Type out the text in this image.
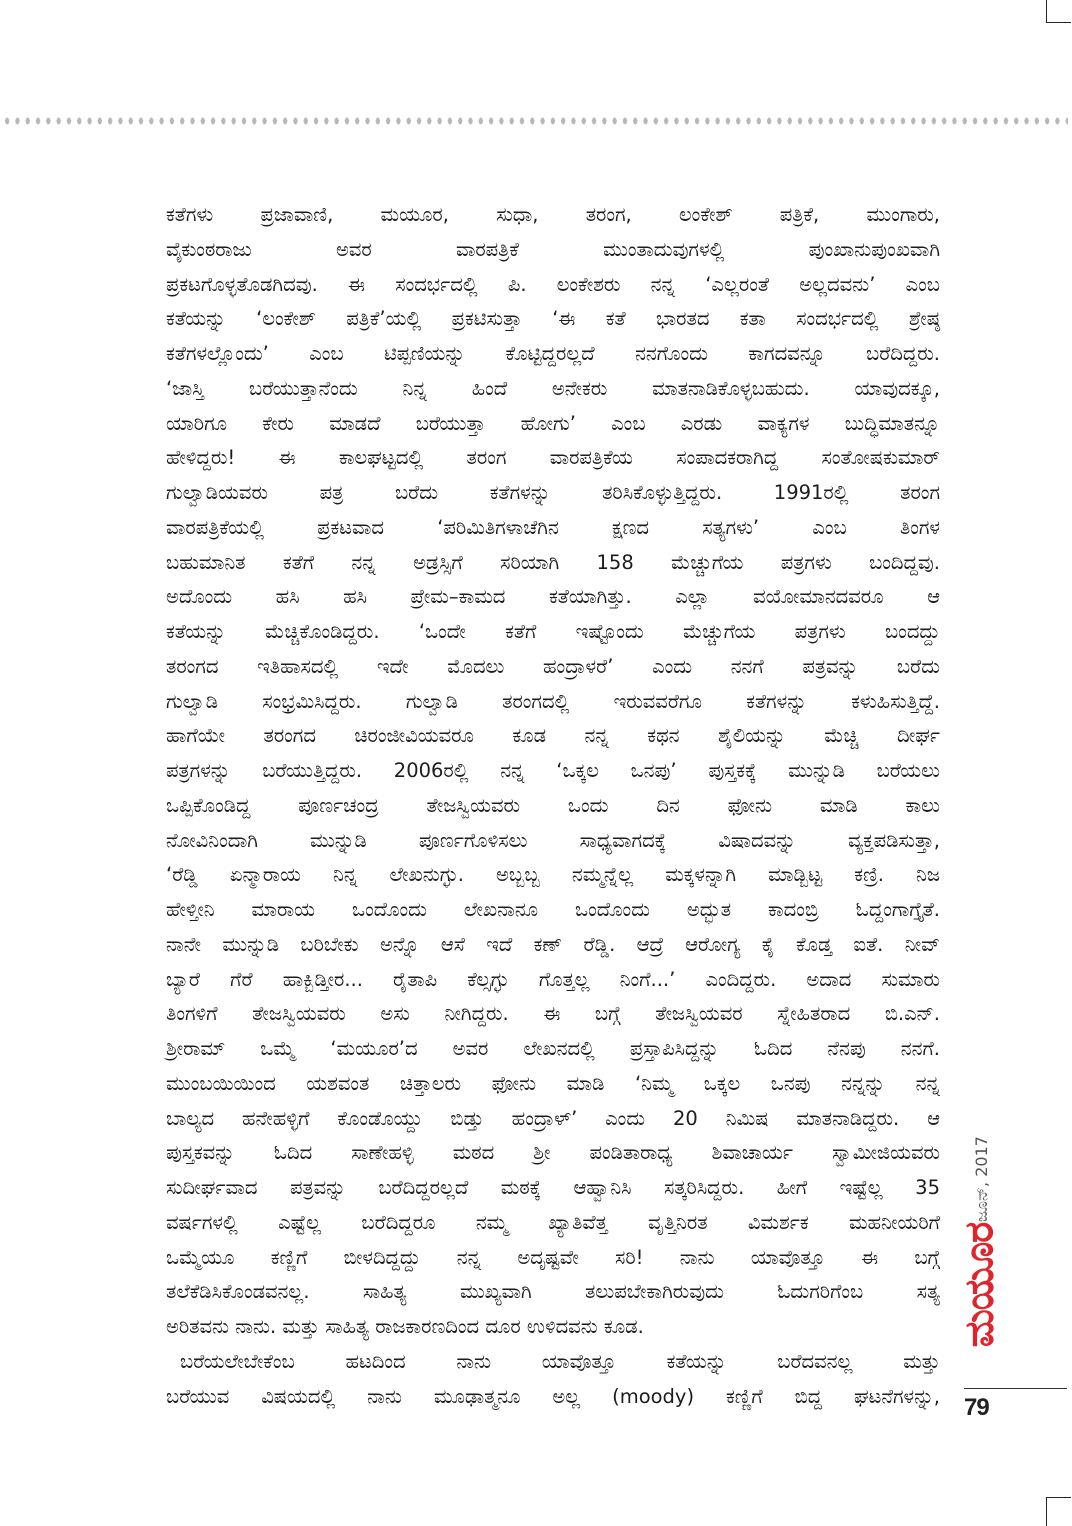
ಕತೆಗಳು ಪ್ರಜಾವಾಣಿ, ಮಯೂರ, ಸುಧಾ, ತರಂಗ, ಲಂಕೇಶ್ ಪತ್ರಿಕೆ, ಮುಂಗಾರು,
ವೈಕುಂಠರಾಜು ಅವರ ವಾರಪತ್ರಿಕೆ ಮುಂತಾದುವುಗಳಲ್ಲಿ ಪುಂಖಾನುಪುಂಖವಾಗಿ
ಪ್ರಕಟಗೊಳ್ಳತೊಡಗಿದವು. ಈ ಸಂದರ್ಭದಲ್ಲಿ ಪಿ. ಲಂಕೇಶರು ನನ್ನ ‘ಎಲ್ಲರಂತೆ ಅಲ್ಲದವನು’ ಎಂಬ
ಕತೆಯನ್ನು ‘ಲಂಕೇಶ್ ಪತ್ರಿಕೆ’ಯಲ್ಲಿ ಪ್ರಕಟಿಸುತ್ತಾ ‘ಈ ಕತೆ ಭಾರತದ ಕತಾ ಸಂದರ್ಭದಲ್ಲಿ ಶ್ರೇಷ್ಠ
ಕತೆಗಳಲ್ಲೊಂದು’ ಎಂಬ ಟಿಪ್ಪಣಿಯನ್ನು ಕೊಟ್ಟಿದ್ದರಲ್ಲದೆ ನನಗೊಂದು ಕಾಗದವನ್ನೂ ಬರೆದಿದ್ದರು.
‘ಜಾಸ್ತಿ ಬರೆಯುತ್ತಾನೆಂದು ನಿನ್ನ ಹಿಂದೆ ಅನೇಕರು ಮಾತನಾಡಿಕೊಳ್ಳಬಹುದು. ಯಾವುದಕ್ಕೂ,
ಯಾರಿಗೂ ಕೇರು ಮಾಡದೆ ಬರೆಯುತ್ತಾ ಹೋಗು’ ಎಂಬ ಎರಡು ವಾಕ್ಯಗಳ ಬುದ್ಧಿಮಾತನ್ನೂ
ಹೇಳಿದ್ದರು! ಈ ಕಾಲಘಟ್ಟದಲ್ಲಿ ತರಂಗ ವಾರಪತ್ರಿಕೆಯ ಸಂಪಾದಕರಾಗಿದ್ದ ಸಂತೋಷಕುಮಾರ್
ಗುಲ್ವಾಡಿಯವರು ಪತ್ರ ಬರೆದು ಕತೆಗಳನ್ನು ತರಿಸಿಕೊಳ್ಳುತ್ತಿದ್ದರು. 1991ರಲ್ಲಿ ತರಂಗ
ವಾರಪತ್ರಿಕೆಯಲ್ಲಿ ಪ್ರಕಟವಾದ ‘ಪರಿಮಿತಿಗಳಾಚೆಗಿನ ಕ್ಷಣದ ಸತ್ಯಗಳು’ ಎಂಬ ತಿಂಗಳ
ಬಹುಮಾನಿತ ಕತೆಗೆ ನನ್ನ ಅಡ್ರಸ್ಸಿಗೆ ಸರಿಯಾಗಿ 158 ಮೆಚ್ಚುಗೆಯ ಪತ್ರಗಳು ಬಂದಿದ್ದವು.
ಅದೊಂದು ಹಸಿ ಹಸಿ ಪ್ರೇಮ–ಕಾಮದ ಕತೆಯಾಗಿತ್ತು. ಎಲ್ಲಾ ವಯೋಮಾನದವರೂ ಆ
ಕತೆಯನ್ನು ಮೆಚ್ಚಿಕೊಂಡಿದ್ದರು. ‘ಒಂದೇ ಕತೆಗೆ ಇಷ್ಟೊಂದು ಮೆಚ್ಚುಗೆಯ ಪತ್ರಗಳು ಬಂದದ್ದು
ತರಂಗದ ಇತಿಹಾಸದಲ್ಲಿ ಇದೇ ಮೊದಲು ಹಂದ್ರಾಳರೆ’ ಎಂದು ನನಗೆ ಪತ್ರವನ್ನು ಬರೆದು
ಗುಲ್ವಾಡಿ ಸಂಭ್ರಮಿಸಿದ್ದರು. ಗುಲ್ವಾಡಿ ತರಂಗದಲ್ಲಿ ಇರುವವರೆಗೂ ಕತೆಗಳನ್ನು ಕಳುಹಿಸುತ್ತಿದ್ದೆ.
ಹಾಗೆಯೇ ತರಂಗದ ಚಿರಂಜೀವಿಯವರೂ ಕೂಡ ನನ್ನ ಕಥನ ಶೈಲಿಯನ್ನು ಮೆಚ್ಚಿ ದೀರ್ಘ
ಪತ್ರಗಳನ್ನು ಬರೆಯುತ್ತಿದ್ದರು. 2006ರಲ್ಲಿ ನನ್ನ ‘ಒಕ್ಕಲ ಒನಪು’ ಪುಸ್ತಕಕ್ಕೆ ಮುನ್ನುಡಿ ಬರೆಯಲು
ಒಪ್ಪಿಕೊಂಡಿದ್ದ ಪೂರ್ಣಚಂದ್ರ ತೇಜಸ್ವಿಯವರು ಒಂದು ದಿನ ಫೋನು ಮಾಡಿ ಕಾಲು
ನೋವಿನಿಂದಾಗಿ ಮುನ್ನುಡಿ ಪೂರ್ಣಗೊಳಿಸಲು ಸಾಧ್ಯವಾಗದಕ್ಕೆ ವಿಷಾದವನ್ನು ವ್ಯಕ್ತಪಡಿಸುತ್ತಾ,
‘ರೆಡ್ಡಿ ಏನ್ಮಾರಾಯ ನಿನ್ನ ಲೇಖನುಗ್ಳು. ಅಬ್ಬಬ್ಬ ನಮ್ಮನ್ನೆಲ್ಲ ಮಕ್ಕಳನ್ನಾಗಿ ಮಾಡ್ಬಿಟ್ಟ ಕಣ್ರಿ. ನಿಜ
ಹೇಳ್ತೀನಿ ಮಾರಾಯ ಒಂದೊಂದು ಲೇಖನಾನೂ ಒಂದೊಂದು ಅದ್ಭುತ ಕಾದಂಬ್ರಿ ಓದ್ದಂಗಾಗ್ತೈತೆ.
ನಾನೇ ಮುನ್ನುಡಿ ಬರಿಬೇಕು ಅನ್ನೊ ಆಸೆ ಇದೆ ಕಣ್ ರೆಡ್ಡಿ. ಆದ್ರೆ ಆರೋಗ್ಯ ಕೈ ಕೊಡ್ತ ಐತೆ. ನೀವ್
ಬ್ಯಾರೆ ಗೆರೆ ಹಾಕ್ಬಿಡ್ತೀರ... ರೈತಾಪಿ ಕೆಲ್ಸಗ್ಳು ಗೊತ್ತಲ್ಲ ನಿಂಗೆ...’ ಎಂದಿದ್ದರು. ಅದಾದ ಸುಮಾರು
ತಿಂಗಳಿಗೆ ತೇಜಸ್ವಿಯವರು ಅಸು ನೀಗಿದ್ದರು. ಈ ಬಗ್ಗೆ ತೇಜಸ್ವಿಯವರ ಸ್ನೇಹಿತರಾದ ಬಿ.ಎನ್.
ಶ್ರೀರಾಮ್ ಒಮ್ಮೆ ‘ಮಯೂರ’ದ ಅವರ ಲೇಖನದಲ್ಲಿ ಪ್ರಸ್ತಾಪಿಸಿದ್ದನ್ನು ಓದಿದ ನೆನಪು ನನಗೆ.
ಮುಂಬಯಿಯಿಂದ ಯಶವಂತ ಚಿತ್ತಾಲರು ಫೋನು ಮಾಡಿ ‘ನಿಮ್ಮ ಒಕ್ಕಲ ಒನಪು ನನ್ನನ್ನು ನನ್ನ
ಬಾಲ್ಯದ ಹನೇಹಳ್ಳಿಗೆ ಕೊಂಡೊಯ್ದು ಬಿಡ್ತು ಹಂದ್ರಾಳ್’ ಎಂದು 20 ನಿಮಿಷ ಮಾತನಾಡಿದ್ದರು. ಆ
ಪುಸ್ತಕವನ್ನು ಓದಿದ ಸಾಣೇಹಳ್ಳಿ ಮಠದ ಶ್ರೀ ಪಂಡಿತಾರಾಧ್ಯ ಶಿವಾಚಾರ್ಯ ಸ್ವಾಮೀಜಿಯವರು
ಸುದೀರ್ಘವಾದ ಪತ್ರವನ್ನು ಬರೆದಿದ್ದರಲ್ಲದೆ ಮಠಕ್ಕೆ ಆಹ್ವಾನಿಸಿ ಸತ್ಕರಿಸಿದ್ದರು. ಹೀಗೆ ಇಷ್ಟೆಲ್ಲ 35
ವರ್ಷಗಳಲ್ಲಿ ಎಷ್ಟೆಲ್ಲ ಬರೆದಿದ್ದರೂ ನಮ್ಮ ಖ್ಯಾತಿವೆತ್ತ ವೃತ್ತಿನಿರತ ವಿಮರ್ಶಕ ಮಹನೀಯರಿಗೆ
ಒಮ್ಮೆಯೂ ಕಣ್ಣಿಗೆ ಬೀಳದಿದ್ದದ್ದು ನನ್ನ ಅದೃಷ್ಟವೇ ಸರಿ! ನಾನು ಯಾವೊತ್ತೂ ಈ ಬಗ್ಗೆ
ತಲೆಕೆಡಿಸಿಕೊಂಡವನಲ್ಲ. ಸಾಹಿತ್ಯ ಮುಖ್ಯವಾಗಿ ತಲುಪಬೇಕಾಗಿರುವುದು ಓದುಗರಿಗೆಂಬ ಸತ್ಯ
ಅರಿತವನು ನಾನು. ಮತ್ತು ಸಾಹಿತ್ಯ ರಾಜಕಾರಣದಿಂದ ದೂರ ಉಳಿದವನು ಕೂಡ.
ಬರೆಯಲೇಬೇಕೆಂಬ ಹಟದಿಂದ ನಾನು ಯಾವೊತ್ತೂ ಕತೆಯನ್ನು ಬರೆದವನಲ್ಲ ಮತ್ತು
ಬರೆಯುವ ವಿಷಯದಲ್ಲಿ ನಾನು ಮೂಢಾತ್ಮನೂ ಅಲ್ಲ (moody) ಕಣ್ಣಿಗೆ ಬಿದ್ದ ಘಟನೆಗಳನ್ನು,
ಜೂನ್, 2017
ಮಯೂರ
79
